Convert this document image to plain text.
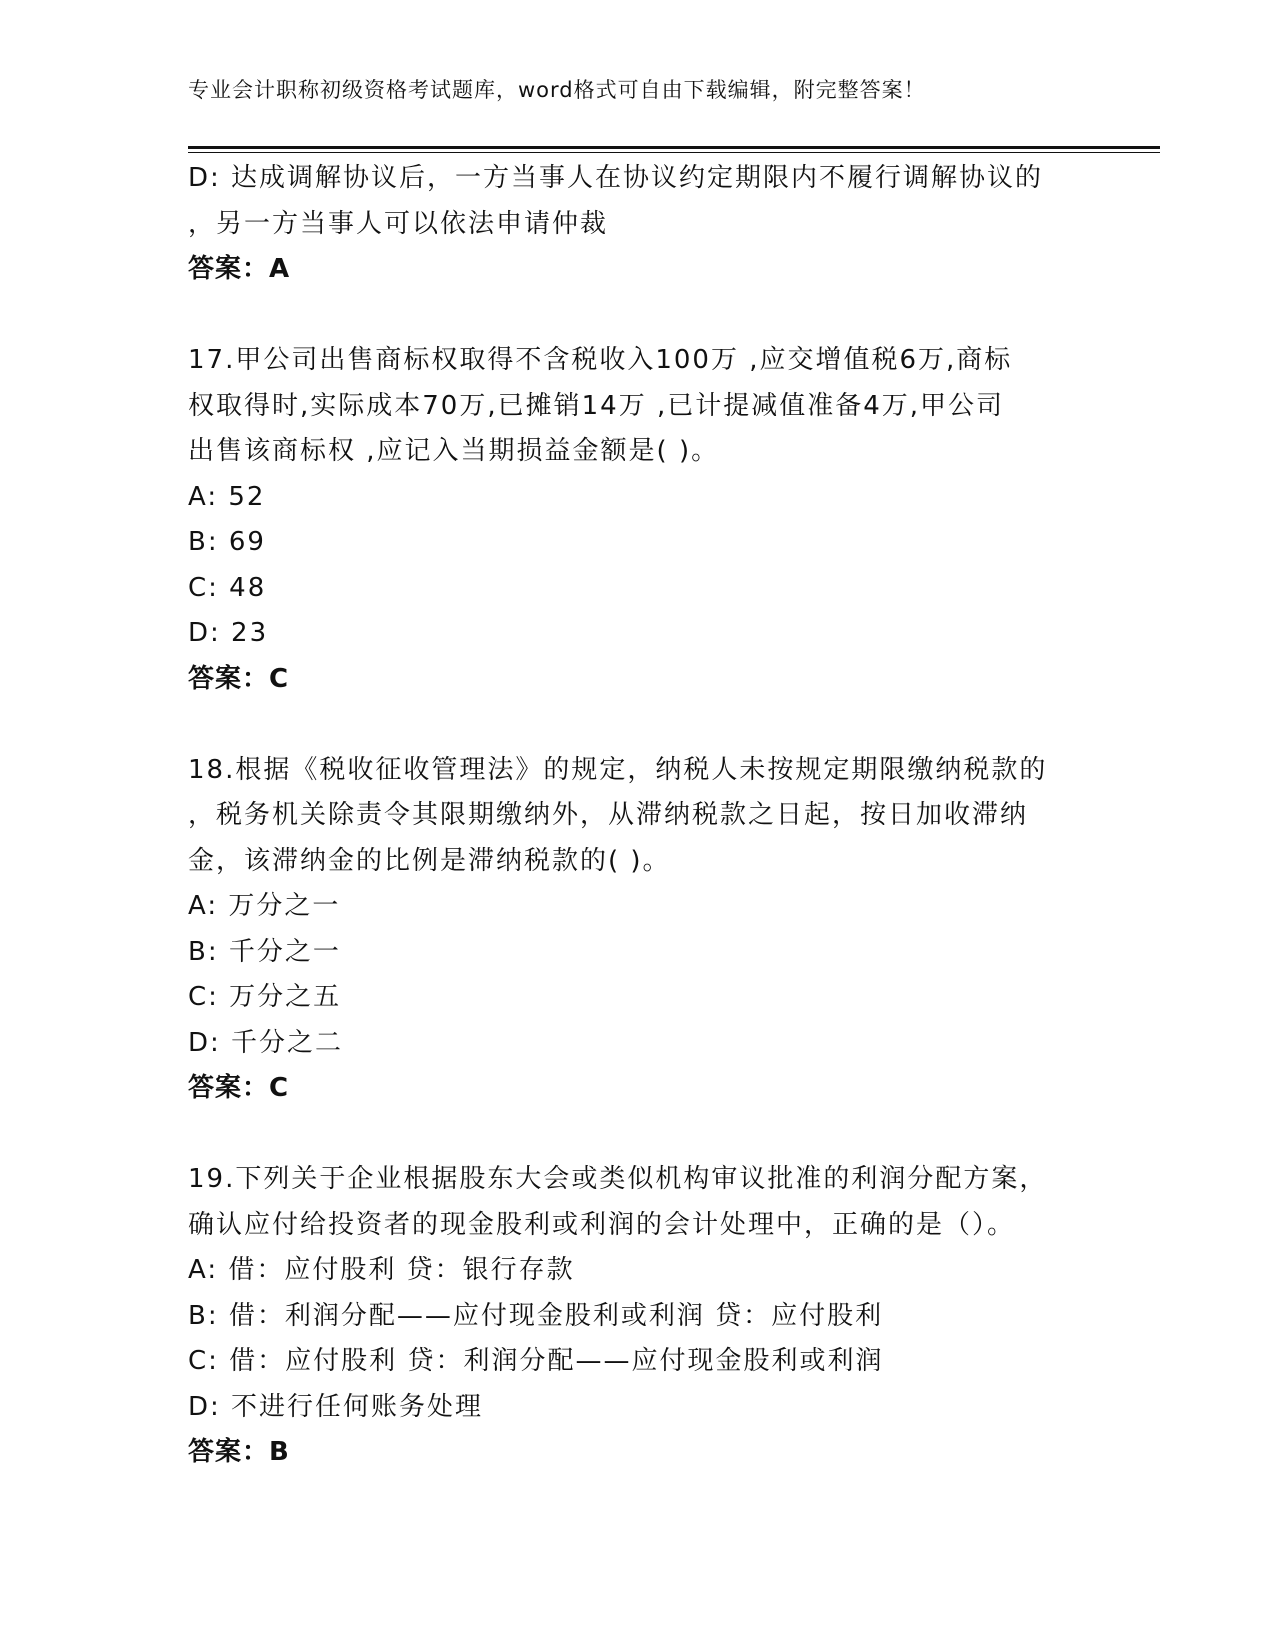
专业会计职称初级资格考试题库，word格式可自由下载编辑，附完整答案！
D: 达成调解协议后，一方当事人在协议约定期限内不履行调解协议的
，另一方当事人可以依法申请仲裁
答案：A
17.甲公司出售商标权取得不含税收入100万 ,应交增值税6万,商标
权取得时,实际成本70万,已摊销14万 ,已计提减值准备4万,甲公司
出售该商标权 ,应记入当期损益金额是( )。
A: 52
B: 69
C: 48
D: 23
答案：C
18.根据《税收征收管理法》的规定，纳税人未按规定期限缴纳税款的
，税务机关除责令其限期缴纳外，从滞纳税款之日起，按日加收滞纳
金，该滞纳金的比例是滞纳税款的( )。
A: 万分之一
B: 千分之一
C: 万分之五
D: 千分之二
答案：C
19.下列关于企业根据股东大会或类似机构审议批准的利润分配方案，
确认应付给投资者的现金股利或利润的会计处理中，正确的是（）。
A: 借：应付股利 贷：银行存款
B: 借：利润分配——应付现金股利或利润 贷：应付股利
C: 借：应付股利 贷：利润分配——应付现金股利或利润
D: 不进行任何账务处理
答案：B
